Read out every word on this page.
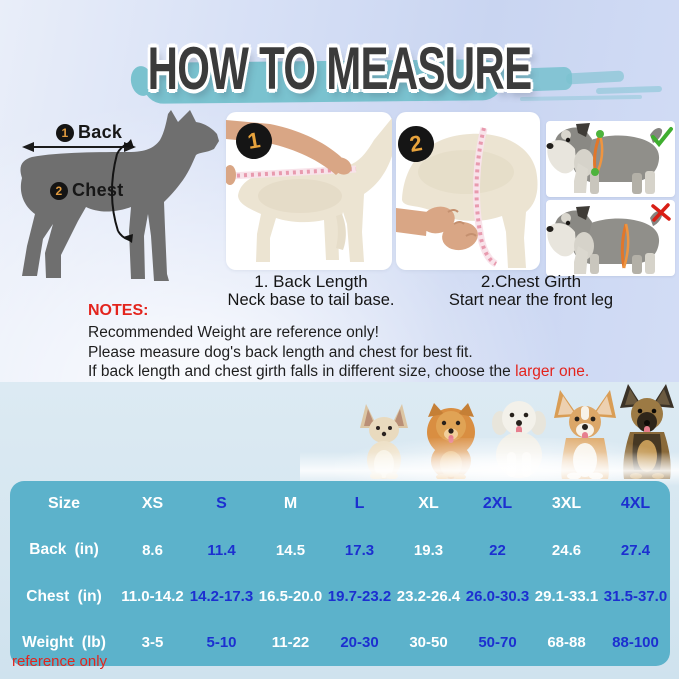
HOW TO MEASURE
1 Back
2 Chest
1	2
1. Back Length
Neck base to tail base.
2.Chest Girth
Start near the front leg
NOTES:
Recommended Weight are reference only!
Please measure dog's back length and chest for best fit.
If back length and chest girth falls in different size, choose the larger one.
Size	XS	S	M	L	XL	2XL	3XL	4XL
Back (in)	8.6	11.4	14.5	17.3	19.3	22	24.6	27.4
Chest (in)	11.0-14.2 14.2-17.3 16.5-20.0 19.7-23.2 23.2-26.4 26.0-30.3 29.1-33.1 31.5-37.0
Weight (lb)	3-5	5-10	11-22	20-30	30-50	50-70	68-88	88-100
reference only
